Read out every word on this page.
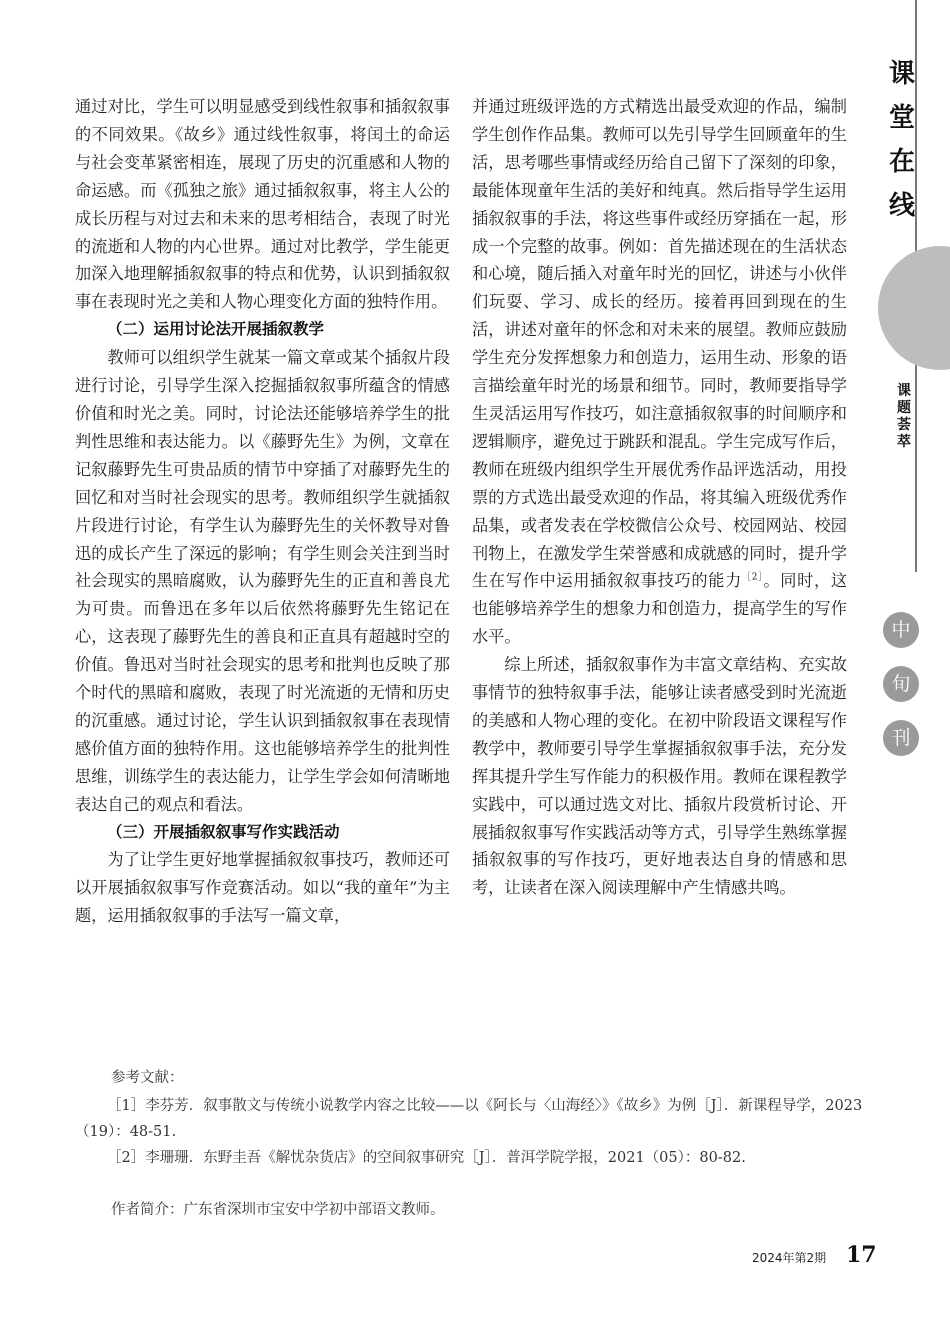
课
堂
在
线
课
题
荟
萃
中
旬
刊

通过对比，学生可以明显感受到线性叙事和插叙叙事的不同效果。《故乡》通过线性叙事，将闰土的命运与社会变革紧密相连，展现了历史的沉重感和人物的命运感。而《孤独之旅》通过插叙叙事，将主人公的成长历程与对过去和未来的思考相结合，表现了时光的流逝和人物的内心世界。通过对比教学，学生能更加深入地理解插叙叙事的特点和优势，认识到插叙叙事在表现时光之美和人物心理变化方面的独特作用。

（二）运用讨论法开展插叙教学

教师可以组织学生就某一篇文章或某个插叙片段进行讨论，引导学生深入挖掘插叙叙事所蕴含的情感价值和时光之美。同时，讨论法还能够培养学生的批判性思维和表达能力。以《藤野先生》为例，文章在记叙藤野先生可贵品质的情节中穿插了对藤野先生的回忆和对当时社会现实的思考。教师组织学生就插叙片段进行讨论，有学生认为藤野先生的关怀教导对鲁迅的成长产生了深远的影响；有学生则会关注到当时社会现实的黑暗腐败，认为藤野先生的正直和善良尤为可贵。而鲁迅在多年以后依然将藤野先生铭记在心，这表现了藤野先生的善良和正直具有超越时空的价值。鲁迅对当时社会现实的思考和批判也反映了那个时代的黑暗和腐败，表现了时光流逝的无情和历史的沉重感。通过讨论，学生认识到插叙叙事在表现情感价值方面的独特作用。这也能够培养学生的批判性思维，训练学生的表达能力，让学生学会如何清晰地表达自己的观点和看法。

（三）开展插叙叙事写作实践活动

为了让学生更好地掌握插叙叙事技巧，教师还可以开展插叙叙事写作竞赛活动。如以“我的童年”为主题，运用插叙叙事的手法写一篇文章，

并通过班级评选的方式精选出最受欢迎的作品，编制学生创作作品集。教师可以先引导学生回顾童年的生活，思考哪些事情或经历给自己留下了深刻的印象，最能体现童年生活的美好和纯真。然后指导学生运用插叙叙事的手法，将这些事件或经历穿插在一起，形成一个完整的故事。例如：首先描述现在的生活状态和心境，随后插入对童年时光的回忆，讲述与小伙伴们玩耍、学习、成长的经历。接着再回到现在的生活，讲述对童年的怀念和对未来的展望。教师应鼓励学生充分发挥想象力和创造力，运用生动、形象的语言描绘童年时光的场景和细节。同时，教师要指导学生灵活运用写作技巧，如注意插叙叙事的时间顺序和逻辑顺序，避免过于跳跃和混乱。学生完成写作后，教师在班级内组织学生开展优秀作品评选活动，用投票的方式选出最受欢迎的作品，将其编入班级优秀作品集，或者发表在学校微信公众号、校园网站、校园刊物上，在激发学生荣誉感和成就感的同时，提升学生在写作中运用插叙叙事技巧的能力$^{[2]}$。同时，这也能够培养学生的想象力和创造力，提高学生的写作水平。

综上所述，插叙叙事作为丰富文章结构、充实故事情节的独特叙事手法，能够让读者感受到时光流逝的美感和人物心理的变化。在初中阶段语文课程写作教学中，教师要引导学生掌握插叙叙事手法，充分发挥其提升学生写作能力的积极作用。教师在课程教学实践中，可以通过选文对比、插叙片段赏析讨论、开展插叙叙事写作实践活动等方式，引导学生熟练掌握插叙叙事的写作技巧，更好地表达自身的情感和思考，让读者在深入阅读理解中产生情感共鸣。

参考文献：
［1］李芬芳．叙事散文与传统小说教学内容之比较——以《阿长与〈山海经〉》《故乡》为例［J］．新课程导学，2023（19）：48-51.
［2］李珊珊．东野圭吾《解忧杂货店》的空间叙事研究［J］．普洱学院学报，2021（05）：80-82.
作者简介：广东省深圳市宝安中学初中部语文教师。
2024年第2期 17
